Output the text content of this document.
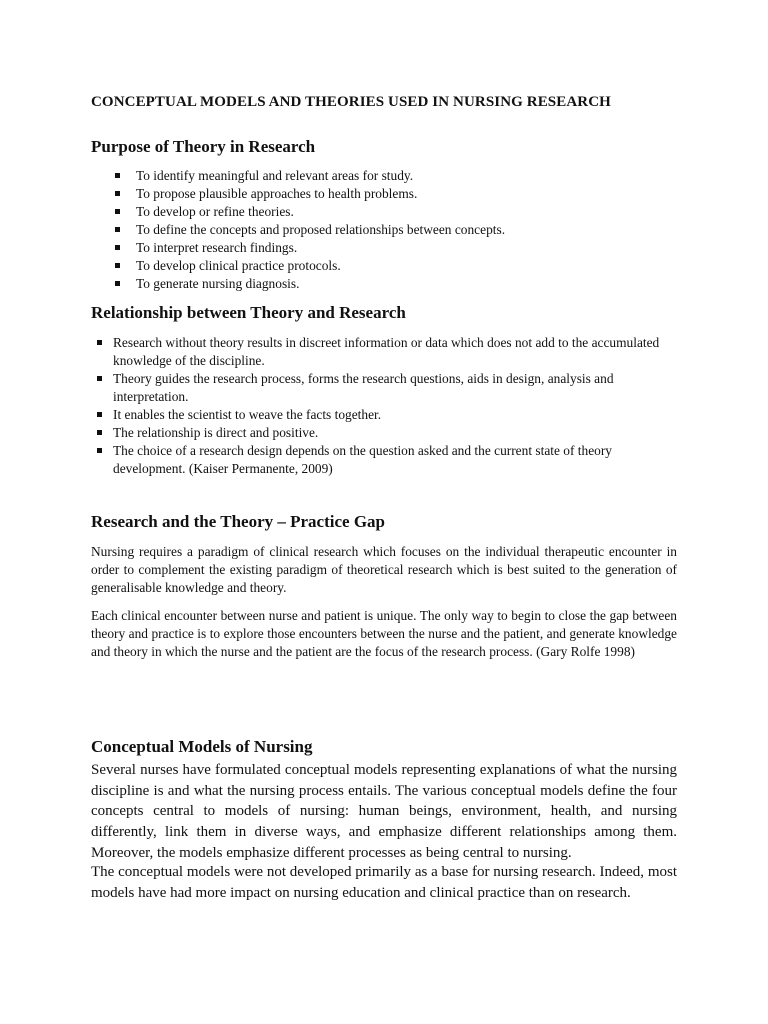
CONCEPTUAL MODELS AND THEORIES USED IN NURSING RESEARCH
Purpose of Theory in Research
To identify meaningful and relevant areas for study.
To propose plausible approaches to health problems.
To develop or refine theories.
To define the concepts and proposed relationships between concepts.
To interpret research findings.
To develop clinical practice protocols.
To generate nursing diagnosis.
Relationship between Theory and Research
Research without theory results in discreet information or data which does not add to the accumulated knowledge of the discipline.
Theory guides the research process, forms the research questions, aids in design, analysis and interpretation.
It enables the scientist to weave the facts together.
The relationship is direct and positive.
The choice of a research design depends on the question asked and the current state of theory development. (Kaiser Permanente, 2009)
Research and the Theory – Practice Gap

Nursing requires a paradigm of clinical research which focuses on the individual therapeutic encounter in order to complement the existing paradigm of theoretical research which is best suited to the generation of generalisable knowledge and theory.

Each clinical encounter between nurse and patient is unique. The only way to begin to close the gap between theory and practice is to explore those encounters between the nurse and the patient, and generate knowledge and theory in which the nurse and the patient are the focus of the research process. (Gary Rolfe 1998)

Conceptual Models of Nursing

Several nurses have formulated conceptual models representing explanations of what the nursing discipline is and what the nursing process entails. The various conceptual models define the four concepts central to models of nursing: human beings, environment, health, and nursing differently, link them in diverse ways, and emphasize different relationships among them. Moreover, the models emphasize different processes as being central to nursing.

The conceptual models were not developed primarily as a base for nursing research. Indeed, most models have had more impact on nursing education and clinical practice than on research.
